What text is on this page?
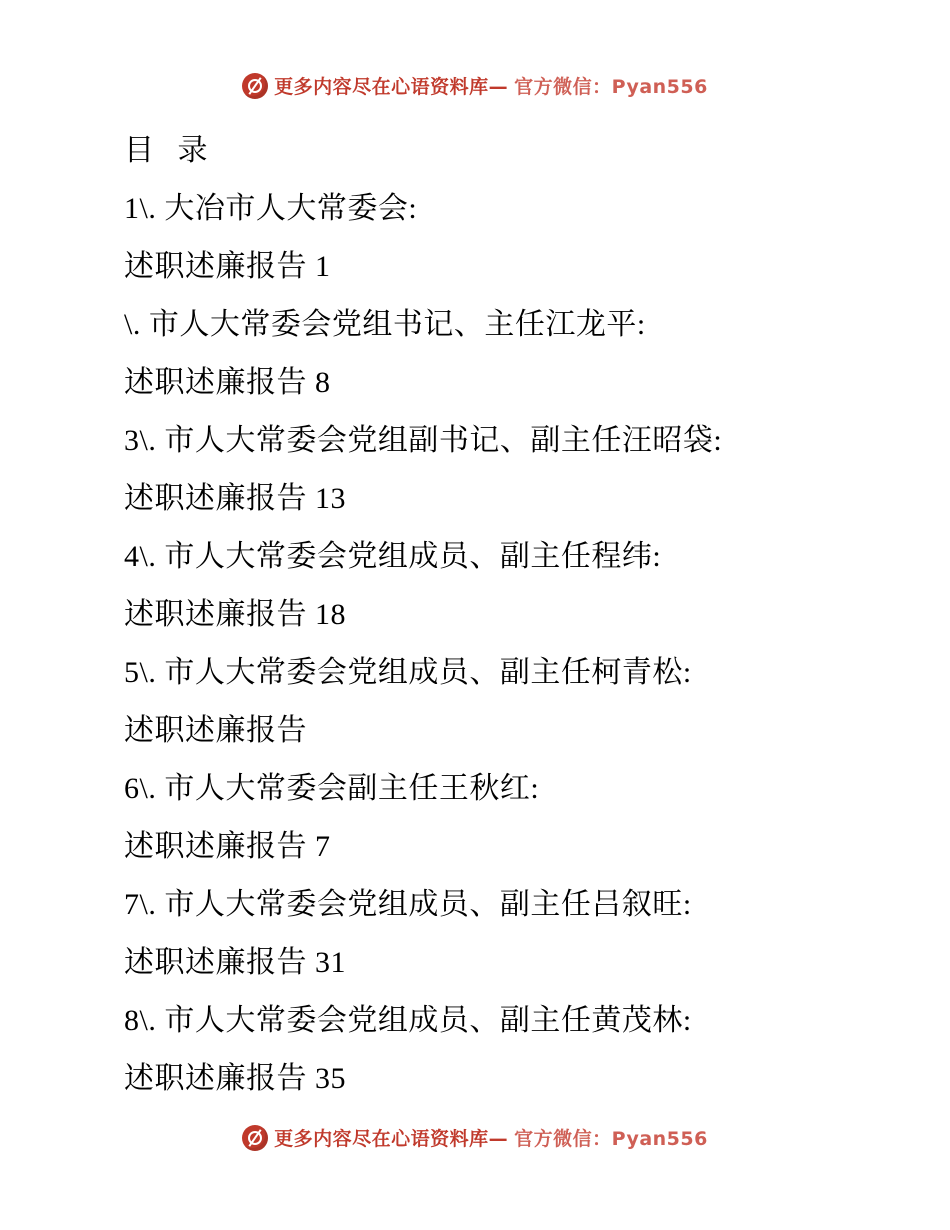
更多内容尽在心语资料库— 官方微信：Pyan556
目 录
1\. 大冶市人大常委会:
述职述廉报告 1
\. 市人大常委会党组书记、主任江龙平:
述职述廉报告 8
3\. 市人大常委会党组副书记、副主任汪昭袋:
述职述廉报告 13
4\. 市人大常委会党组成员、副主任程纬:
述职述廉报告 18
5\. 市人大常委会党组成员、副主任柯青松:
述职述廉报告
6\. 市人大常委会副主任王秋红:
述职述廉报告 7
7\. 市人大常委会党组成员、副主任吕叙旺:
述职述廉报告 31
8\. 市人大常委会党组成员、副主任黄茂林:
述职述廉报告 35
更多内容尽在心语资料库— 官方微信：Pyan556
